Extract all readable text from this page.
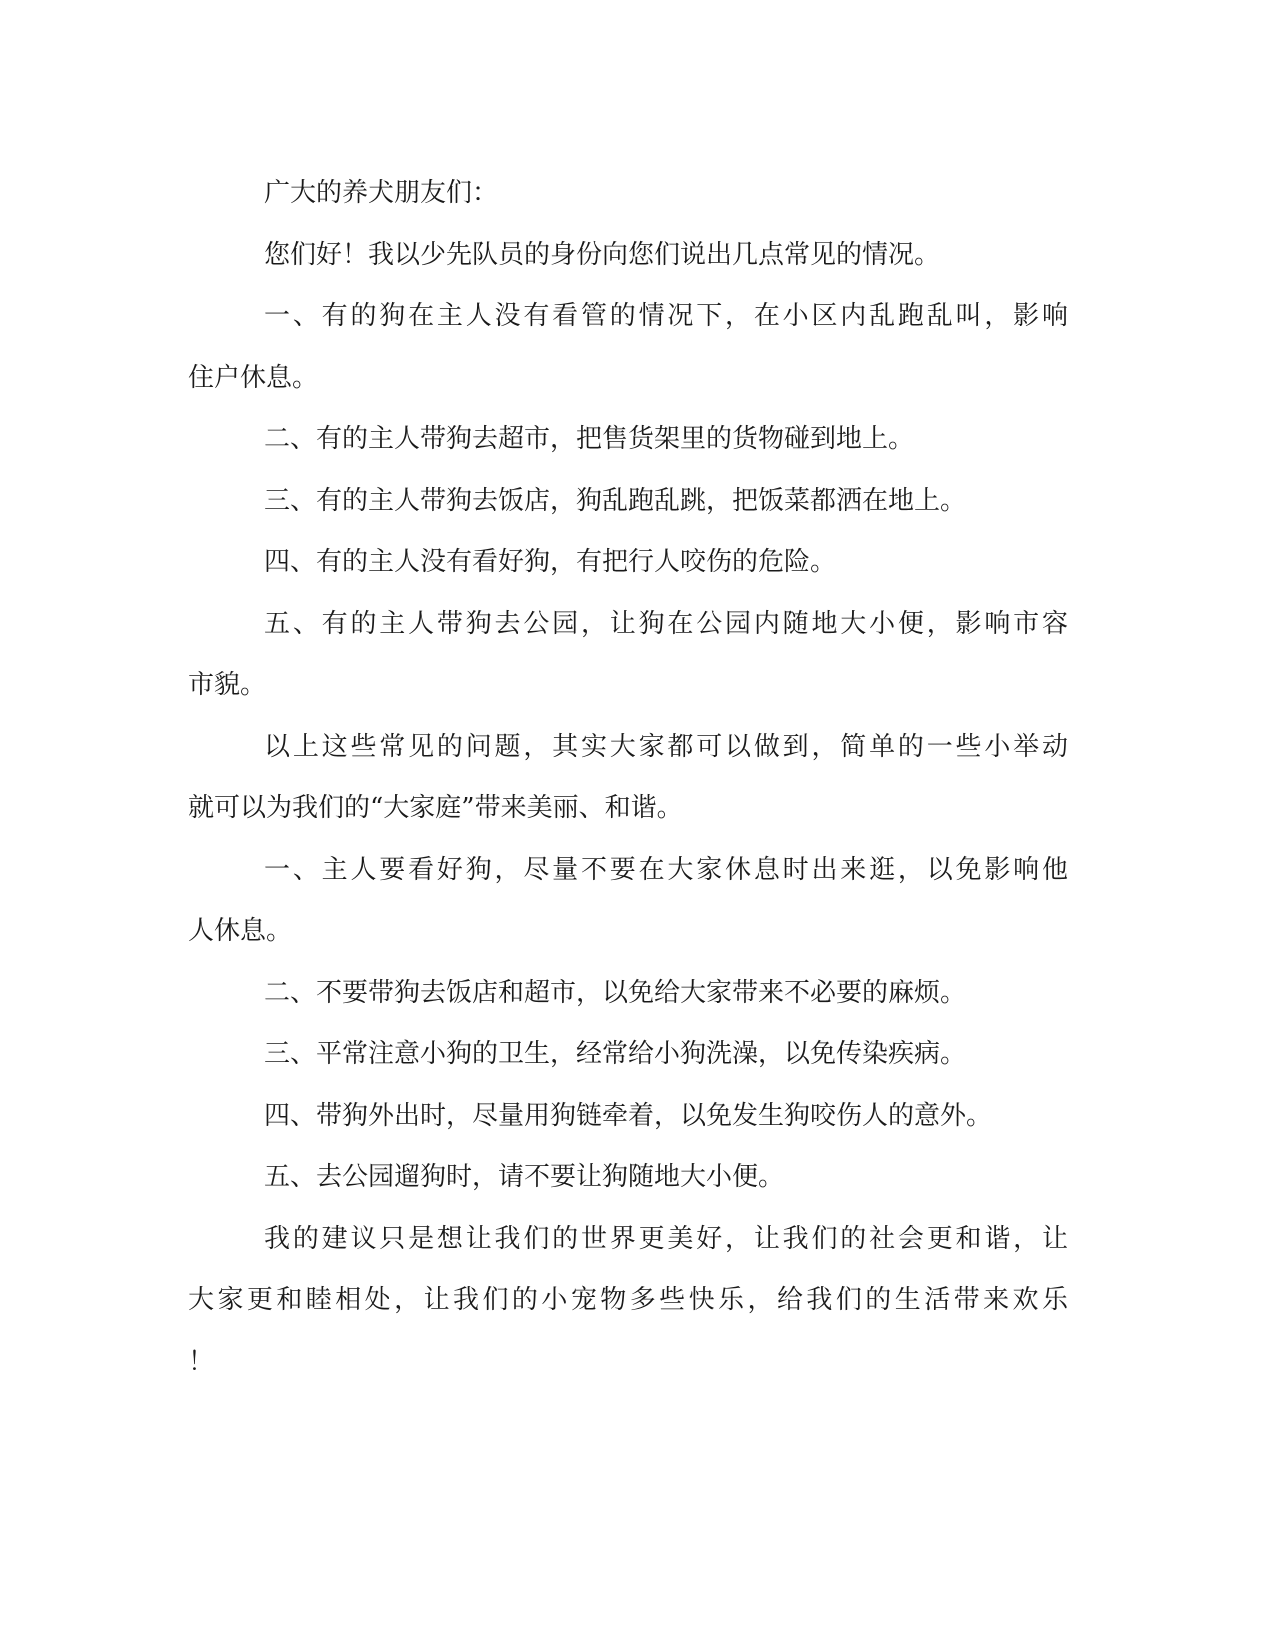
广大的养犬朋友们：
您们好！我以少先队员的身份向您们说出几点常见的情况。
一、有的狗在主人没有看管的情况下，在小区内乱跑乱叫，影响
住户休息。
二、有的主人带狗去超市，把售货架里的货物碰到地上。
三、有的主人带狗去饭店，狗乱跑乱跳，把饭菜都洒在地上。
四、有的主人没有看好狗，有把行人咬伤的危险。
五、有的主人带狗去公园，让狗在公园内随地大小便，影响市容
市貌。
以上这些常见的问题，其实大家都可以做到，简单的一些小举动
就可以为我们的“大家庭”带来美丽、和谐。
一、主人要看好狗，尽量不要在大家休息时出来逛，以免影响他
人休息。
二、不要带狗去饭店和超市，以免给大家带来不必要的麻烦。
三、平常注意小狗的卫生，经常给小狗洗澡，以免传染疾病。
四、带狗外出时，尽量用狗链牵着，以免发生狗咬伤人的意外。
五、去公园遛狗时，请不要让狗随地大小便。
我的建议只是想让我们的世界更美好，让我们的社会更和谐，让
大家更和睦相处，让我们的小宠物多些快乐，给我们的生活带来欢乐
！
